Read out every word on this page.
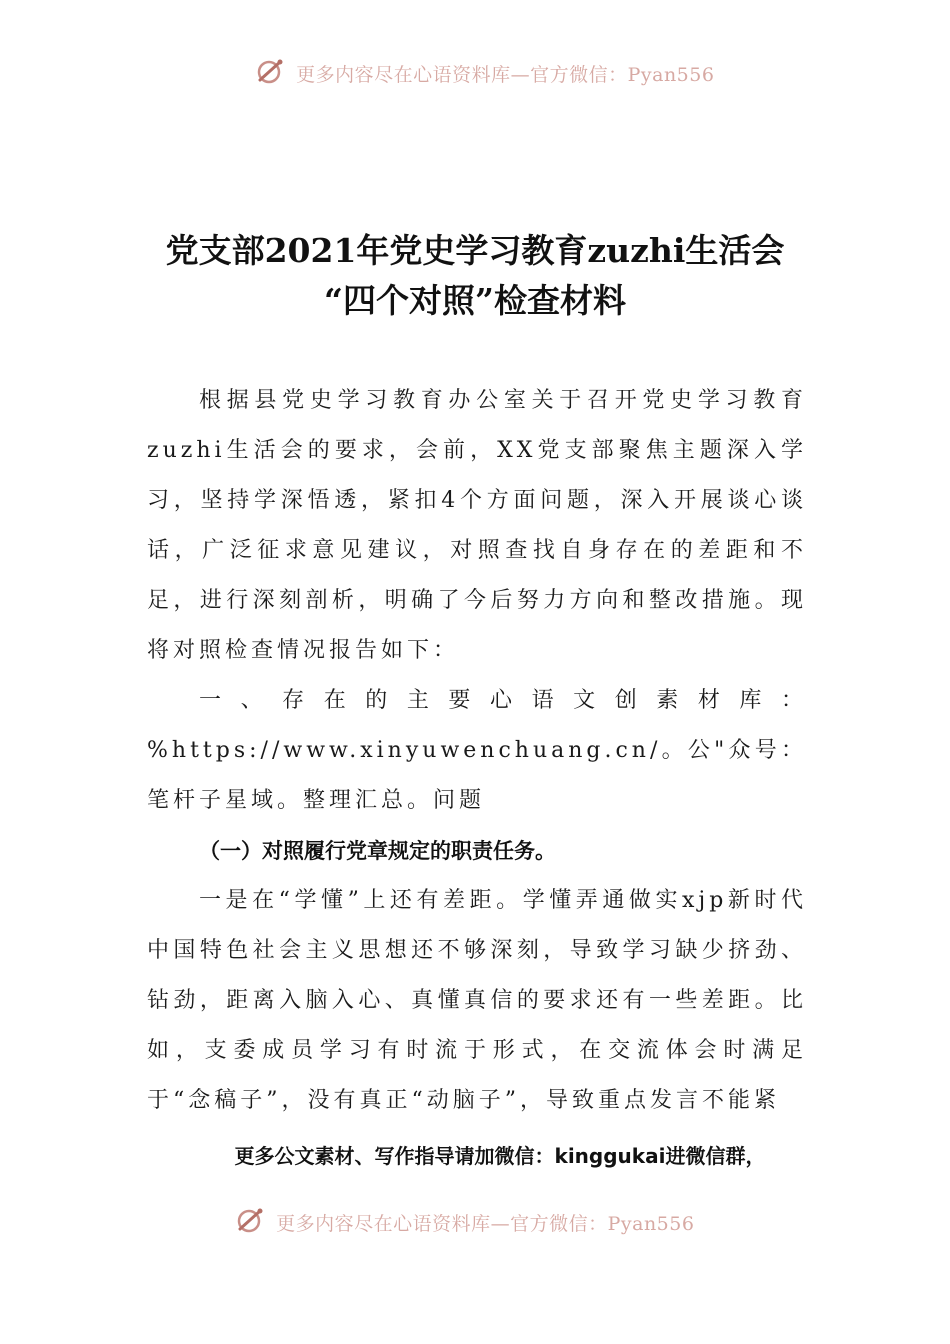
更多内容尽在心语资料库—官方微信：Pyan556
党支部2021年党史学习教育zuzhi生活会
“四个对照”检查材料

根据县党史学习教育办公室关于召开党史学习教育zuzhi生活会的要求，会前，XX党支部聚焦主题深入学习，坚持学深悟透，紧扣4个方面问题，深入开展谈心谈话，广泛征求意见建议，对照查找自身存在的差距和不足，进行深刻剖析，明确了今后努力方向和整改措施。现将对照检查情况报告如下：

一、存在的主要心语文创素材库：%https://www.xinyuwenchuang.cn/。公"众号：笔杆子星域。整理汇总。问题

（一）对照履行党章规定的职责任务。

一是在“学懂”上还有差距。学懂弄通做实xjp新时代中国特色社会主义思想还不够深刻，导致学习缺少挤劲、钻劲，距离入脑入心、真懂真信的要求还有一些差距。比如，支委成员学习有时流于形式，在交流体会时满足于“念稿子”，没有真正“动脑子”，导致重点发言不能紧

更多公文素材、写作指导请加微信：kinggukai进微信群，
更多内容尽在心语资料库—官方微信：Pyan556
